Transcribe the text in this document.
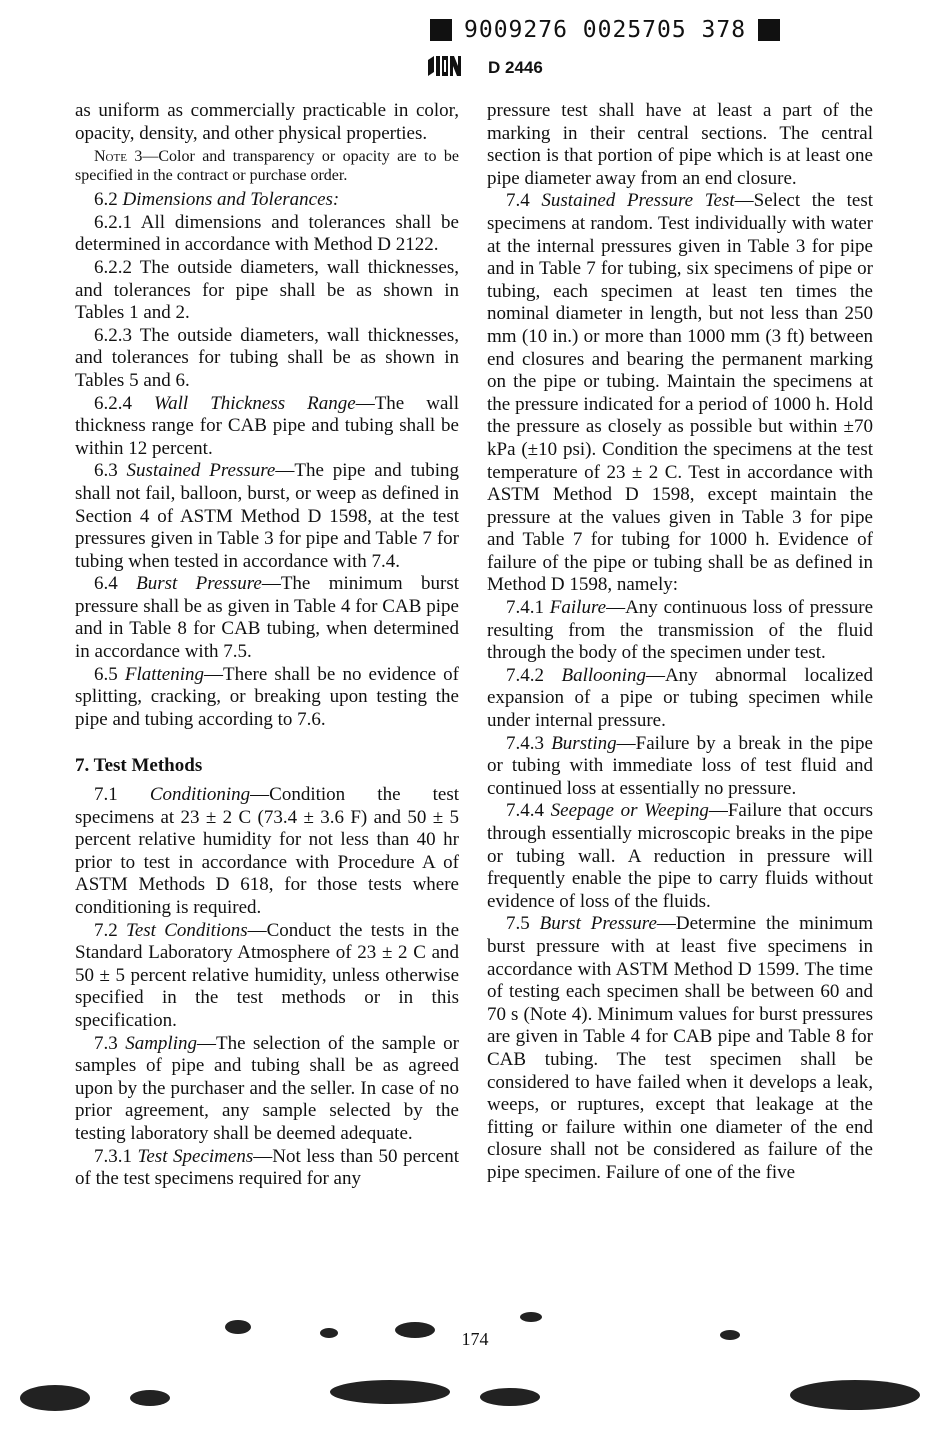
9009276 0025705 378
D 2446

as uniform as commercially practicable in color, opacity, density, and other physical properties.

Note 3—Color and transparency or opacity are to be specified in the contract or purchase order.

6.2 Dimensions and Tolerances:

6.2.1 All dimensions and tolerances shall be determined in accordance with Method D 2122.

6.2.2 The outside diameters, wall thicknesses, and tolerances for pipe shall be as shown in Tables 1 and 2.

6.2.3 The outside diameters, wall thicknesses, and tolerances for tubing shall be as shown in Tables 5 and 6.

6.2.4 Wall Thickness Range—The wall thickness range for CAB pipe and tubing shall be within 12 percent.

6.3 Sustained Pressure—The pipe and tubing shall not fail, balloon, burst, or weep as defined in Section 4 of ASTM Method D 1598, at the test pressures given in Table 3 for pipe and Table 7 for tubing when tested in accordance with 7.4.

6.4 Burst Pressure—The minimum burst pressure shall be as given in Table 4 for CAB pipe and in Table 8 for CAB tubing, when determined in accordance with 7.5.

6.5 Flattening—There shall be no evidence of splitting, cracking, or breaking upon testing the pipe and tubing according to 7.6.

7. Test Methods

7.1 Conditioning—Condition the test specimens at 23 ± 2 C (73.4 ± 3.6 F) and 50 ± 5 percent relative humidity for not less than 40 hr prior to test in accordance with Procedure A of ASTM Methods D 618, for those tests where conditioning is required.

7.2 Test Conditions—Conduct the tests in the Standard Laboratory Atmosphere of 23 ± 2 C and 50 ± 5 percent relative humidity, unless otherwise specified in the test methods or in this specification.

7.3 Sampling—The selection of the sample or samples of pipe and tubing shall be as agreed upon by the purchaser and the seller. In case of no prior agreement, any sample selected by the testing laboratory shall be deemed adequate.

7.3.1 Test Specimens—Not less than 50 percent of the test specimens required for any

pressure test shall have at least a part of the marking in their central sections. The central section is that portion of pipe which is at least one pipe diameter away from an end closure.

7.4 Sustained Pressure Test—Select the test specimens at random. Test individually with water at the internal pressures given in Table 3 for pipe and in Table 7 for tubing, six specimens of pipe or tubing, each specimen at least ten times the nominal diameter in length, but not less than 250 mm (10 in.) or more than 1000 mm (3 ft) between end closures and bearing the permanent marking on the pipe or tubing. Maintain the specimens at the pressure indicated for a period of 1000 h. Hold the pressure as closely as possible but within ±70 kPa (±10 psi). Condition the specimens at the test temperature of 23 ± 2 C. Test in accordance with ASTM Method D 1598, except maintain the pressure at the values given in Table 3 for pipe and Table 7 for tubing for 1000 h. Evidence of failure of the pipe or tubing shall be as defined in Method D 1598, namely:

7.4.1 Failure—Any continuous loss of pressure resulting from the transmission of the fluid through the body of the specimen under test.

7.4.2 Ballooning—Any abnormal localized expansion of a pipe or tubing specimen while under internal pressure.

7.4.3 Bursting—Failure by a break in the pipe or tubing with immediate loss of test fluid and continued loss at essentially no pressure.

7.4.4 Seepage or Weeping—Failure that occurs through essentially microscopic breaks in the pipe or tubing wall. A reduction in pressure will frequently enable the pipe to carry fluids without evidence of loss of the fluids.

7.5 Burst Pressure—Determine the minimum burst pressure with at least five specimens in accordance with ASTM Method D 1599. The time of testing each specimen shall be between 60 and 70 s (Note 4). Minimum values for burst pressures are given in Table 4 for CAB pipe and Table 8 for CAB tubing. The test specimen shall be considered to have failed when it develops a leak, weeps, or ruptures, except that leakage at the fitting or failure within one diameter of the end closure shall not be considered as failure of the pipe specimen. Failure of one of the five

174
